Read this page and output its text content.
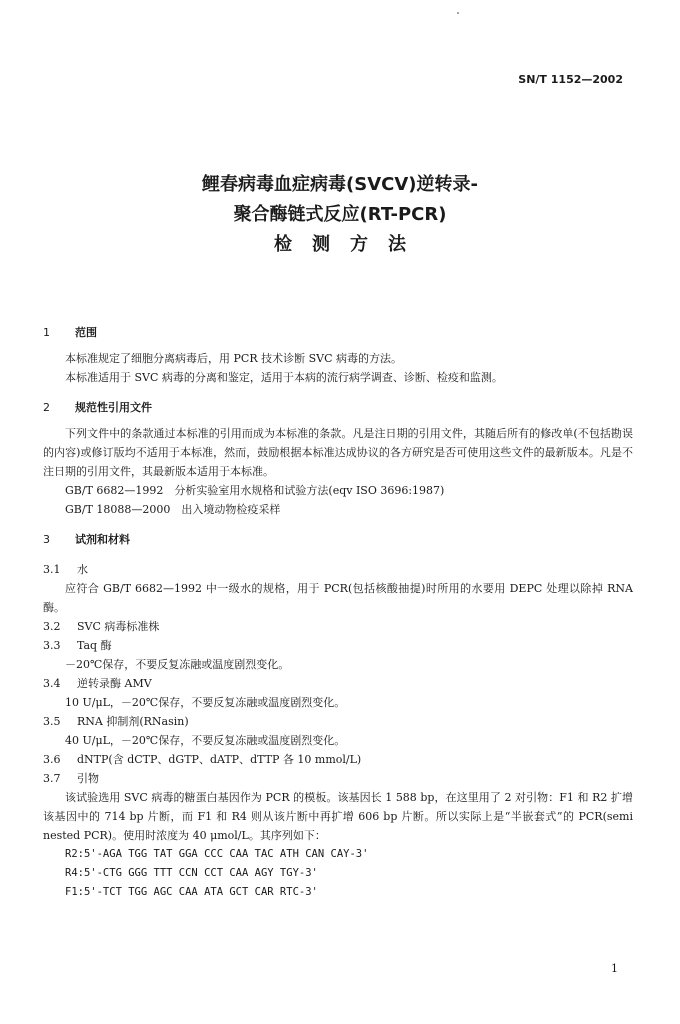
SN/T 1152—2002
鲤春病毒血症病毒(SVCV)逆转录-
聚合酶链式反应(RT-PCR)
检测方法

1 范围

本标准规定了细胞分离病毒后，用 PCR 技术诊断 SVC 病毒的方法。

本标准适用于 SVC 病毒的分离和鉴定，适用于本病的流行病学调查、诊断、检疫和监测。

2 规范性引用文件

下列文件中的条款通过本标准的引用而成为本标准的条款。凡是注日期的引用文件，其随后所有的修改单(不包括勘误的内容)或修订版均不适用于本标准，然而，鼓励根据本标准达成协议的各方研究是否可使用这些文件的最新版本。凡是不注日期的引用文件，其最新版本适用于本标准。

GB/T 6682—1992　分析实验室用水规格和试验方法(eqv ISO 3696:1987)

GB/T 18088—2000　出入境动物检疫采样

3 试剂和材料

3.1 水

应符合 GB/T 6682—1992 中一级水的规格，用于 PCR(包括核酸抽提)时所用的水要用 DEPC 处理以除掉 RNA 酶。

3.2 SVC 病毒标准株

3.3 Taq 酶

－20℃保存，不要反复冻融或温度剧烈变化。

3.4 逆转录酶 AMV

10 U/μL，－20℃保存，不要反复冻融或温度剧烈变化。

3.5 RNA 抑制剂(RNasin)

40 U/μL，－20℃保存，不要反复冻融或温度剧烈变化。

3.6 dNTP(含 dCTP、dGTP、dATP、dTTP 各 10 mmol/L)

3.7 引物

该试验选用 SVC 病毒的糖蛋白基因作为 PCR 的模板。该基因长 1 588 bp，在这里用了 2 对引物：F1 和 R2 扩增该基因中的 714 bp 片断，而 F1 和 R4 则从该片断中再扩增 606 bp 片断。所以实际上是“半嵌套式”的 PCR(semi nested PCR)。使用时浓度为 40 μmol/L。其序列如下：

R2:5'-AGA TGG TAT GGA CCC CAA TAC ATH CAN CAY-3'

R4:5'-CTG GGG TTT CCN CCT CAA AGY TGY-3'

F1:5'-TCT TGG AGC CAA ATA GCT CAR RTC-3'

1
